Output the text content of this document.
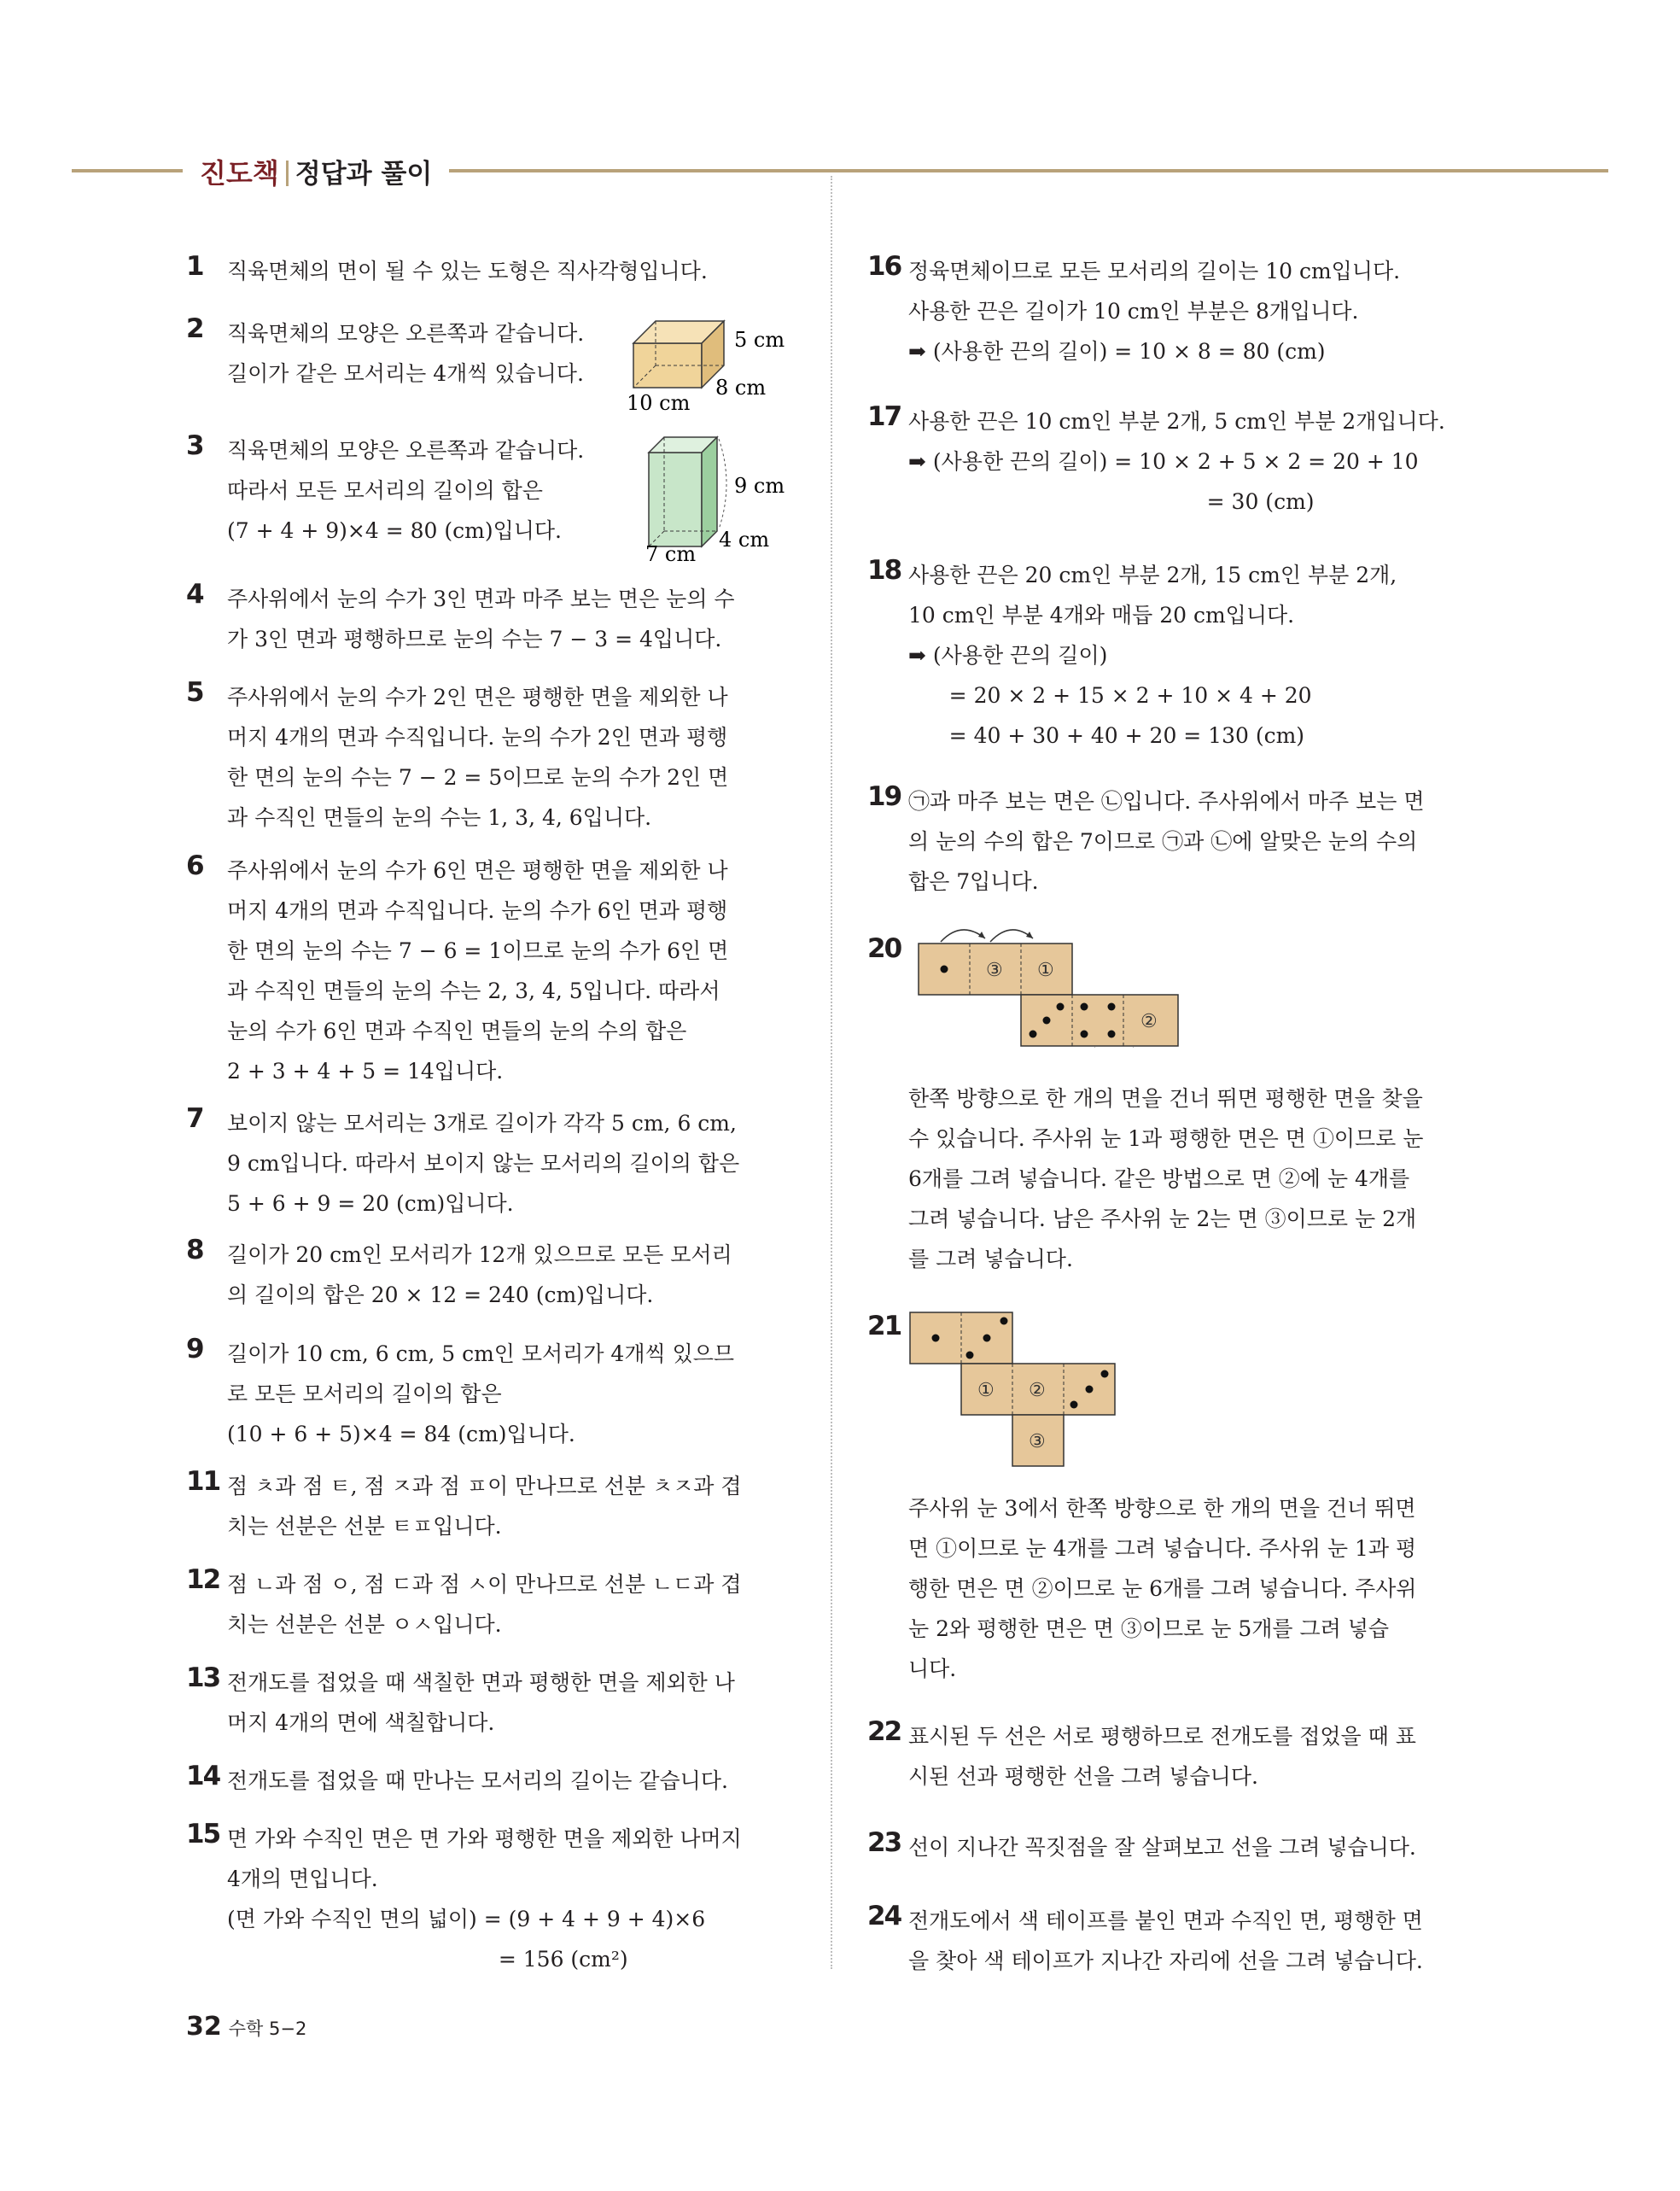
진도책 정답과 풀이
1 직육면체의 면이 될 수 있는 도형은 직사각형입니다.
2 직육면체의 모양은 오른쪽과 같습니다.
길이가 같은 모서리는 4개씩 있습니다.
3 직육면체의 모양은 오른쪽과 같습니다.
따라서 모든 모서리의 길이의 합은
(7 + 4 + 9)×4 = 80 (cm)입니다.
4 주사위에서 눈의 수가 3인 면과 마주 보는 면은 눈의 수
가 3인 면과 평행하므로 눈의 수는 7 − 3 = 4입니다.
5 주사위에서 눈의 수가 2인 면은 평행한 면을 제외한 나
머지 4개의 면과 수직입니다. 눈의 수가 2인 면과 평행
한 면의 눈의 수는 7 − 2 = 5이므로 눈의 수가 2인 면
과 수직인 면들의 눈의 수는 1, 3, 4, 6입니다.
6 주사위에서 눈의 수가 6인 면은 평행한 면을 제외한 나
머지 4개의 면과 수직입니다. 눈의 수가 6인 면과 평행
한 면의 눈의 수는 7 − 6 = 1이므로 눈의 수가 6인 면
과 수직인 면들의 눈의 수는 2, 3, 4, 5입니다. 따라서
눈의 수가 6인 면과 수직인 면들의 눈의 수의 합은
2 + 3 + 4 + 5 = 14입니다.
7 보이지 않는 모서리는 3개로 길이가 각각 5 cm, 6 cm,
9 cm입니다. 따라서 보이지 않는 모서리의 길이의 합은
5 + 6 + 9 = 20 (cm)입니다.
8 길이가 20 cm인 모서리가 12개 있으므로 모든 모서리
의 길이의 합은 20 × 12 = 240 (cm)입니다.
9 길이가 10 cm, 6 cm, 5 cm인 모서리가 4개씩 있으므
로 모든 모서리의 길이의 합은
(10 + 6 + 5)×4 = 84 (cm)입니다.
11 점 ㅊ과 점 ㅌ, 점 ㅈ과 점 ㅍ이 만나므로 선분 ㅊㅈ과 겹
치는 선분은 선분 ㅌㅍ입니다.
12 점 ㄴ과 점 ㅇ, 점 ㄷ과 점 ㅅ이 만나므로 선분 ㄴㄷ과 겹
치는 선분은 선분 ㅇㅅ입니다.
13 전개도를 접었을 때 색칠한 면과 평행한 면을 제외한 나
머지 4개의 면에 색칠합니다.
14 전개도를 접었을 때 만나는 모서리의 길이는 같습니다.
15 면 가와 수직인 면은 면 가와 평행한 면을 제외한 나머지
4개의 면입니다.
(면 가와 수직인 면의 넓이) = (9 + 4 + 9 + 4)×6
= 156 (cm²)
5 cm
8 cm
10 cm
9 cm
4 cm
7 cm
16 정육면체이므로 모든 모서리의 길이는 10 cm입니다.
사용한 끈은 길이가 10 cm인 부분은 8개입니다.
➡ (사용한 끈의 길이) = 10 × 8 = 80 (cm)
17 사용한 끈은 10 cm인 부분 2개, 5 cm인 부분 2개입니다.
➡ (사용한 끈의 길이) = 10 × 2 + 5 × 2 = 20 + 10
= 30 (cm)
18 사용한 끈은 20 cm인 부분 2개, 15 cm인 부분 2개,
10 cm인 부분 4개와 매듭 20 cm입니다.
➡ (사용한 끈의 길이)
= 20 × 2 + 15 × 2 + 10 × 4 + 20
= 40 + 30 + 40 + 20 = 130 (cm)
19 ㉠과 마주 보는 면은 ㉡입니다. 주사위에서 마주 보는 면
의 눈의 수의 합은 7이므로 ㉠과 ㉡에 알맞은 눈의 수의
합은 7입니다.
20
③ ①
②
한쪽 방향으로 한 개의 면을 건너 뛰면 평행한 면을 찾을
수 있습니다. 주사위 눈 1과 평행한 면은 면 ①이므로 눈
6개를 그려 넣습니다. 같은 방법으로 면 ②에 눈 4개를
그려 넣습니다. 남은 주사위 눈 2는 면 ③이므로 눈 2개
를 그려 넣습니다.
21
① ②
③
주사위 눈 3에서 한쪽 방향으로 한 개의 면을 건너 뛰면
면 ①이므로 눈 4개를 그려 넣습니다. 주사위 눈 1과 평
행한 면은 면 ②이므로 눈 6개를 그려 넣습니다. 주사위
눈 2와 평행한 면은 면 ③이므로 눈 5개를 그려 넣습
니다.
22 표시된 두 선은 서로 평행하므로 전개도를 접었을 때 표
시된 선과 평행한 선을 그려 넣습니다.
23 선이 지나간 꼭짓점을 잘 살펴보고 선을 그려 넣습니다.
24 전개도에서 색 테이프를 붙인 면과 수직인 면, 평행한 면
을 찾아 색 테이프가 지나간 자리에 선을 그려 넣습니다.
32 수학 5−2
